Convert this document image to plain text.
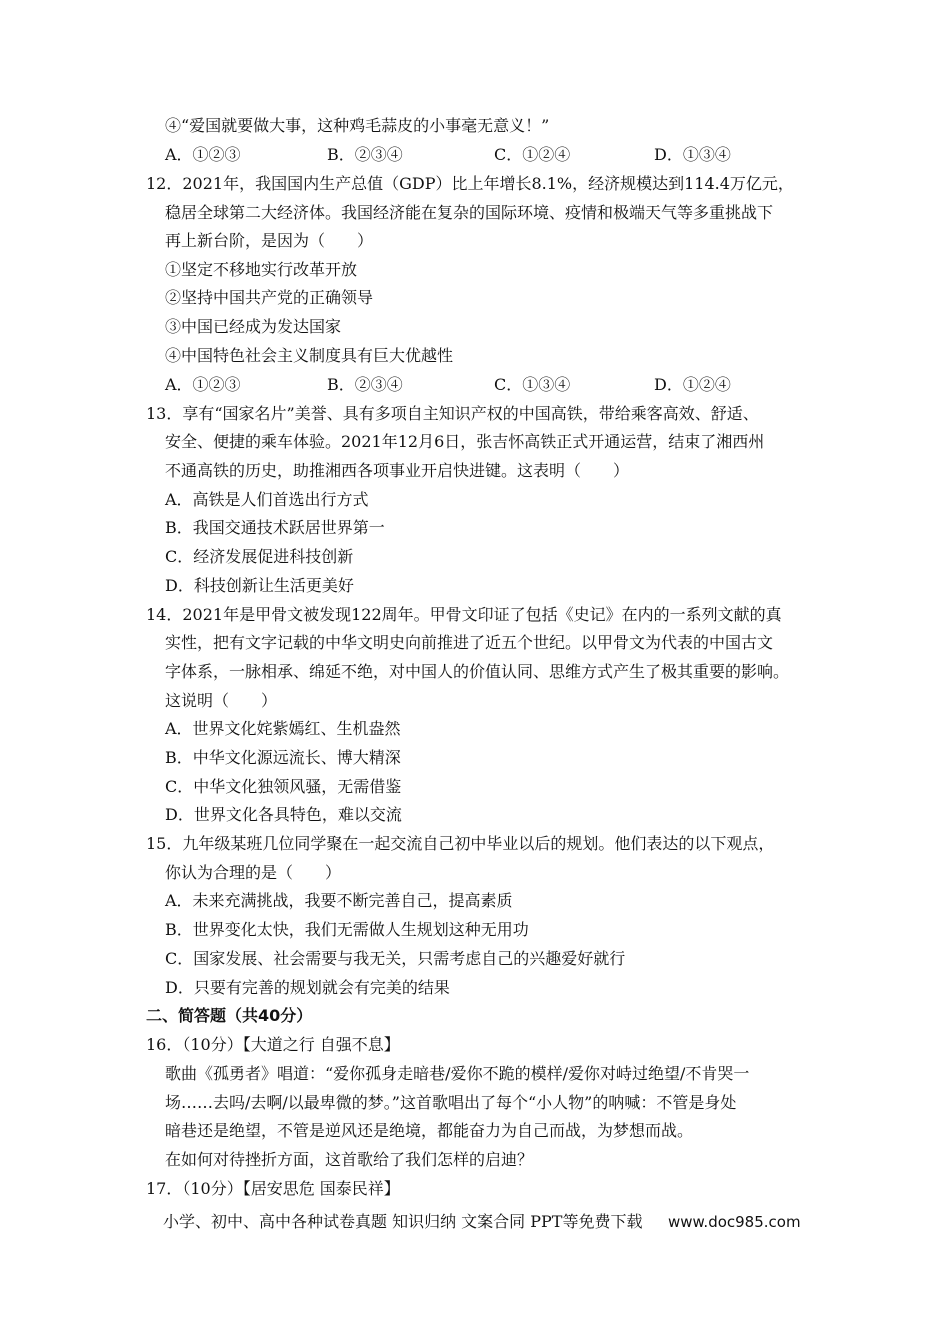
④“爱国就要做大事，这种鸡毛蒜皮的小事毫无意义！”
A．①②③	B．②③④	C．①②④	D．①③④
12．2021年，我国国内生产总值（GDP）比上年增长8.1%，经济规模达到114.4万亿元，
稳居全球第二大经济体。我国经济能在复杂的国际环境、疫情和极端天气等多重挑战下
再上新台阶，是因为（　　）
①坚定不移地实行改革开放
②坚持中国共产党的正确领导
③中国已经成为发达国家
④中国特色社会主义制度具有巨大优越性
A．①②③	B．②③④	C．①③④	D．①②④
13．享有“国家名片”美誉、具有多项自主知识产权的中国高铁，带给乘客高效、舒适、
安全、便捷的乘车体验。2021年12月6日，张吉怀高铁正式开通运营，结束了湘西州
不通高铁的历史，助推湘西各项事业开启快进键。这表明（　　）
A．高铁是人们首选出行方式
B．我国交通技术跃居世界第一
C．经济发展促进科技创新
D．科技创新让生活更美好
14．2021年是甲骨文被发现122周年。甲骨文印证了包括《史记》在内的一系列文献的真
实性，把有文字记载的中华文明史向前推进了近五个世纪。以甲骨文为代表的中国古文
字体系，一脉相承、绵延不绝，对中国人的价值认同、思维方式产生了极其重要的影响。
这说明（　　）
A．世界文化姹紫嫣红、生机盎然
B．中华文化源远流长、博大精深
C．中华文化独领风骚，无需借鉴
D．世界文化各具特色，难以交流
15．九年级某班几位同学聚在一起交流自己初中毕业以后的规划。他们表达的以下观点，
你认为合理的是（　　）
A．未来充满挑战，我要不断完善自己，提高素质
B．世界变化太快，我们无需做人生规划这种无用功
C．国家发展、社会需要与我无关，只需考虑自己的兴趣爱好就行
D．只要有完善的规划就会有完美的结果
二、简答题（共40分）
16．（10分）【大道之行 自强不息】
歌曲《孤勇者》唱道：“爱你孤身走暗巷/爱你不跪的模样/爱你对峙过绝望/不肯哭一
场……去吗/去啊/以最卑微的梦。”这首歌唱出了每个“小人物”的呐喊：不管是身处
暗巷还是绝望，不管是逆风还是绝境，都能奋力为自己而战，为梦想而战。
在如何对待挫折方面，这首歌给了我们怎样的启迪？
17．（10分）【居安思危 国泰民祥】
小学、初中、高中各种试卷真题 知识归纳 文案合同 PPT等免费下载 www.doc985.com
